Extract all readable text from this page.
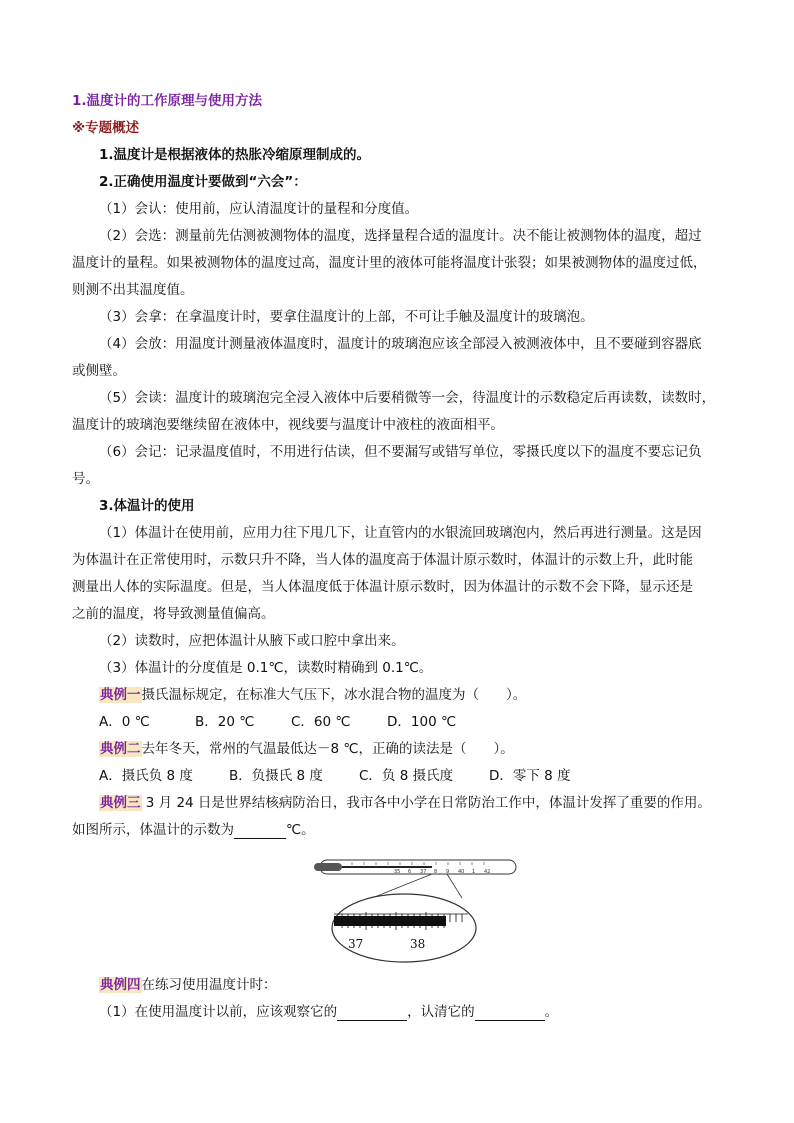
1.温度计的工作原理与使用方法
※专题概述
1.温度计是根据液体的热胀冷缩原理制成的。
2.正确使用温度计要做到“六会”：
（1）会认：使用前，应认清温度计的量程和分度值。
（2）会选：测量前先估测被测物体的温度，选择量程合适的温度计。决不能让被测物体的温度，超过
温度计的量程。如果被测物体的温度过高，温度计里的液体可能将温度计张裂；如果被测物体的温度过低，
则测不出其温度值。
（3）会拿：在拿温度计时，要拿住温度计的上部，不可让手触及温度计的玻璃泡。
（4）会放：用温度计测量液体温度时，温度计的玻璃泡应该全部浸入被测液体中，且不要碰到容器底
或侧壁。
（5）会读：温度计的玻璃泡完全浸入液体中后要稍微等一会，待温度计的示数稳定后再读数，读数时，
温度计的玻璃泡要继续留在液体中，视线要与温度计中液柱的液面相平。
（6）会记：记录温度值时，不用进行估读，但不要漏写或错写单位，零摄氏度以下的温度不要忘记负
号。
3.体温计的使用
（1）体温计在使用前，应用力往下甩几下，让直管内的水银流回玻璃泡内，然后再进行测量。这是因
为体温计在正常使用时，示数只升不降，当人体的温度高于体温计原示数时，体温计的示数上升，此时能
测量出人体的实际温度。但是，当人体温度低于体温计原示数时，因为体温计的示数不会下降，显示还是
之前的温度，将导致测量值偏高。
（2）读数时，应把体温计从腋下或口腔中拿出来。
（3）体温计的分度值是 0.1℃，读数时精确到 0.1℃。
典例一摄氏温标规定，在标准大气压下，冰水混合物的温度为（　　）。
A．0 ℃	B．20 ℃	C．60 ℃	D．100 ℃
典例二去年冬天，常州的气温最低达－8 ℃，正确的读法是（　　）。
A．摄氏负 8 度	B．负摄氏 8 度	C．负 8 摄氏度	D．零下 8 度
典例三 3 月 24 日是世界结核病防治日，我市各中小学在日常防治工作中，体温计发挥了重要的作用。
如图所示，体温计的示数为	℃。
35 6 37 8 9 40 1 42
37	38
典例四在练习使用温度计时：
（1）在使用温度计以前，应该观察它的	，认清它的	。
